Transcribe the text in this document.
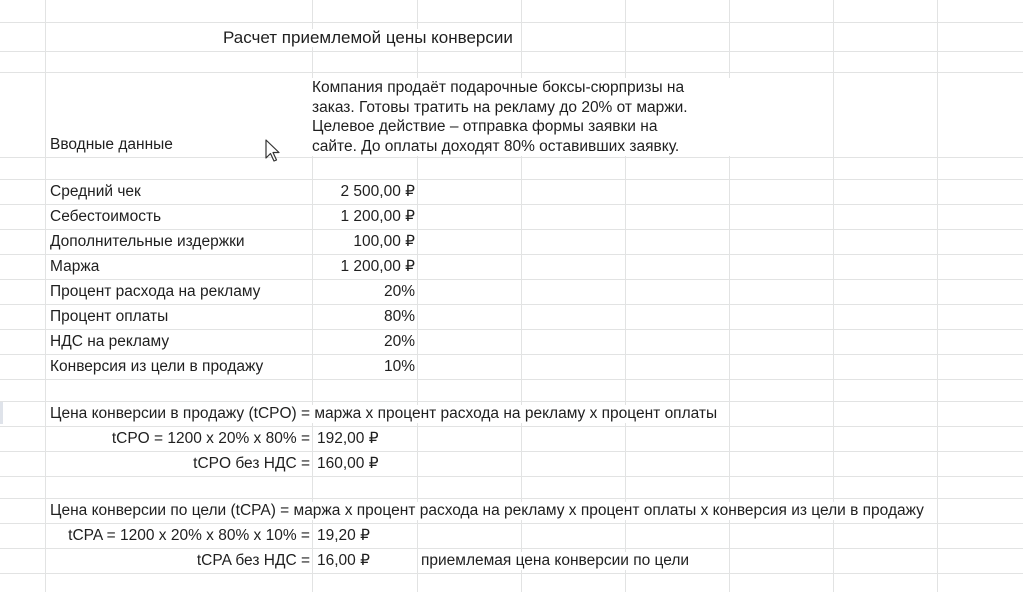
Расчет приемлемой цены конверсии
Компания продаёт подарочные боксы-сюрпризы на
заказ. Готовы тратить на рекламу до 20% от маржи.
Целевое действие – отправка формы заявки на
сайте. До оплаты доходят 80% оставивших заявку.
Вводные данные
Средний чек	2 500,00 ₽
Себестоимость	1 200,00 ₽
Дополнительные издержки	100,00 ₽
Маржа	1 200,00 ₽
Процент расхода на рекламу	20%
Процент оплаты	80%
НДС на рекламу	20%
Конверсия из цели в продажу	10%
Цена конверсии в продажу (tCPO) = маржа х процент расхода на рекламу х процент оплаты
tCPO = 1200 х 20% х 80% = 192,00 ₽
tCPO без НДС = 160,00 ₽
Цена конверсии по цели (tCPA) = маржа х процент расхода на рекламу х процент оплаты х конверсия из цели в продажу
tCPA = 1200 х 20% х 80% х 10% = 19,20 ₽
tCPA без НДС = 16,00 ₽	приемлемая цена конверсии по цели
